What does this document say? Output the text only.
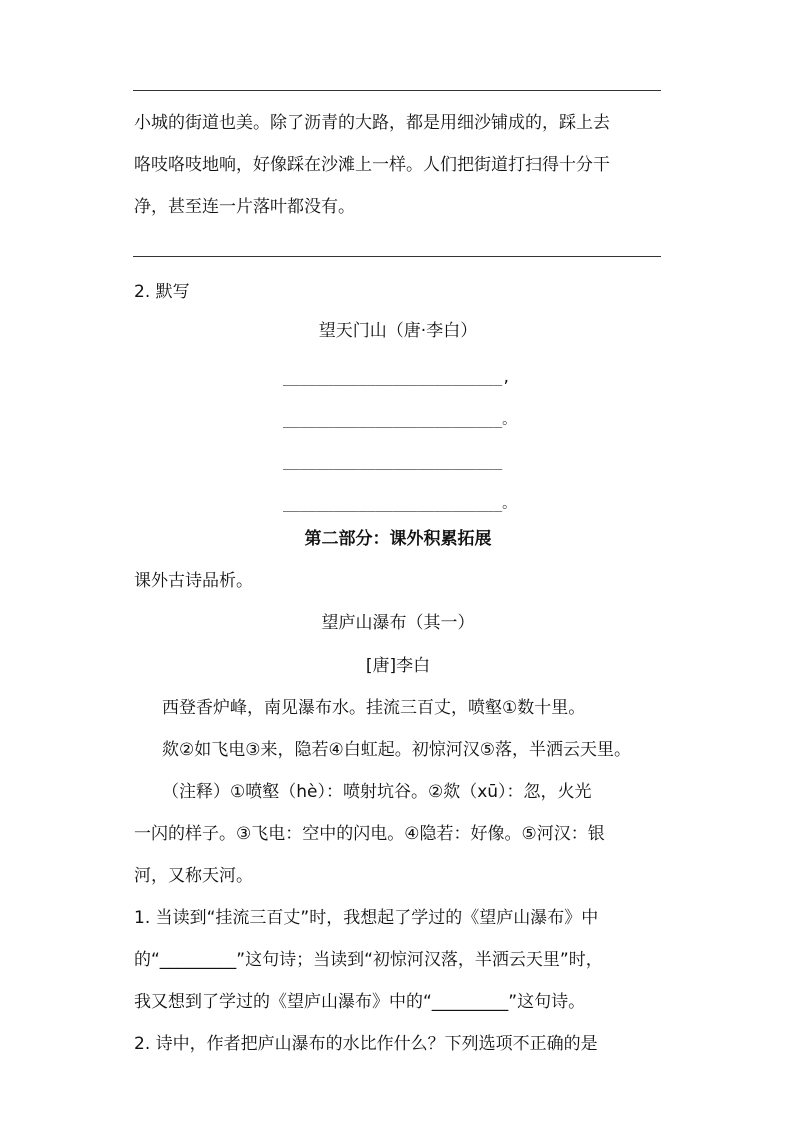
小城的街道也美。除了沥青的大路，都是用细沙铺成的，踩上去
咯吱咯吱地响，好像踩在沙滩上一样。人们把街道打扫得十分干
净，甚至连一片落叶都没有。
2. 默写
望天门山（唐·李白）
__________________________,
__________________________。
__________________________
__________________________。
第二部分：课外积累拓展
课外古诗品析。
望庐山瀑布（其一）
[唐]李白
西登香炉峰，南见瀑布水。挂流三百丈，喷壑①数十里。
欻②如飞电③来，隐若④白虹起。初惊河汉⑤落，半洒云天里。
（注释）①喷壑（hè）：喷射坑谷。②欻（xū）：忽，火光
一闪的样子。③飞电：空中的闪电。④隐若：好像。⑤河汉：银
河，又称天河。
1. 当读到“挂流三百丈”时，我想起了学过的《望庐山瀑布》中
的“_________”这句诗；当读到“初惊河汉落，半洒云天里”时，
我又想到了学过的《望庐山瀑布》中的“_________”这句诗。
2. 诗中，作者把庐山瀑布的水比作什么？下列选项不正确的是
